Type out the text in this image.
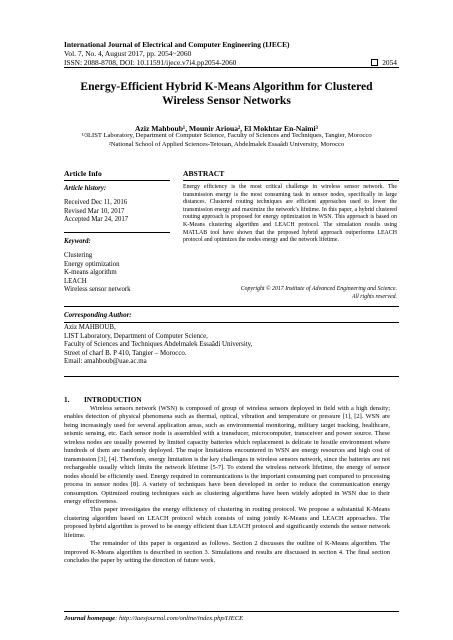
International Journal of Electrical and Computer Engineering (IJECE)
Vol. 7, No. 4, August 2017, pp. 2054~2060
ISSN: 2088-8708, DOI: 10.11591/ijece.v7i4.pp2054-2060	2054
Energy-Efficient Hybrid K-Means Algorithm for Clustered
Wireless Sensor Networks
Aziz Mahboub¹, Mounir Arioua², El Mokhtar En-Naimi³
¹ʵ3LIST Laboratory, Department of Computer Science, Faculty of Sciences and Techniques, Tangier, Morocco
²National School of Applied Sciences-Tetouan, Abdelmalek Essaâdi University, Morocco
Article Info	ABSTRACT
Article history:
Received Dec 11, 2016
Revised Mar 10, 2017
Accepted Mar 24, 2017
Keyword:
Clustering
Energy optimization
K-means algorithm
LEACH
Wireless sensor network
Energy efficiency is the most critical challenge in wireless sensor network. The transmission energy is the most consuming task in sensor nodes, specifically in large distances. Clustered routing techniques are efficient approaches used to lower the transmission energy and maximize the network’s lifetime. In this paper, a hybrid clustered routing approach is proposed for energy optimization in WSN. This approach is based on K-Means clustering algorithm and LEACH protocol. The simulation results using MATLAB tool have shown that the proposed hybrid approach outperforms LEACH protocol and optimizes the nodes energy and the network lifetime.
Copyright © 2017 Institute of Advanced Engineering and Science.
All rights reserved.
Corresponding Author:
Aziz MAHBOUB,
LIST Laboratory, Department of Computer Science,
Faculty of Sciences and Techniques Abdelmalek Essaâdi University,
Street of charf B. P 410, Tangier – Morocco.
Email: amahboub@uae.ac.ma
1. INTRODUCTION

Wireless sensors network (WSN) is composed of group of wireless sensors deployed in field with a high density; enables detection of physical phenomena such as thermal, optical, vibration and temperature or pressure [1], [2]. WSN are being increasingly used for several application areas, such as environmental monitoring, military target tracking, healthcare, seismic sensing, etc. Each sensor node is assembled with a transducer, microcomputer, transceiver and power source. These wireless nodes are usually powered by limited capacity batteries which replacement is delicate in hostile environment where hundreds of them are randomly deployed. The major limitations encountered in WSN are energy resources and high cost of transmission [3], [4]. Therefore, energy limitation is the key challenges in wireless sensors network, since the batteries are not rechargeable usually which limits the network lifetime [5-7]. To extend the wireless network lifetime, the energy of sensor nodes should be efficiently used. Energy required in communications is the important consuming part compared to processing process in sensor nodes [8]. A variety of techniques have been developed in order to reduce the communication energy consumption. Optimized routing techniques such as clustering algorithms have been widely adopted in WSN due to their energy effectiveness.

This paper investigates the energy efficiency of clustering in routing protocol. We propose a substantial K-Means clustering algorithm based on LEACH protocol which consists of using jointly K-Means and LEACH approaches. The proposed hybrid algorithm is proved to be energy efficient than LEACH protocol and significantly extends the sensor network lifetime.

The remainder of this paper is organized as follows. Section 2 discusses the outline of K-Means algorithm. The improved K-Means algorithm is described in section 3. Simulations and results are discussed in section 4. The final section concludes the paper by setting the direction of future work.

Journal homepage: http://iaesjournal.com/online/index.php/IJECE
